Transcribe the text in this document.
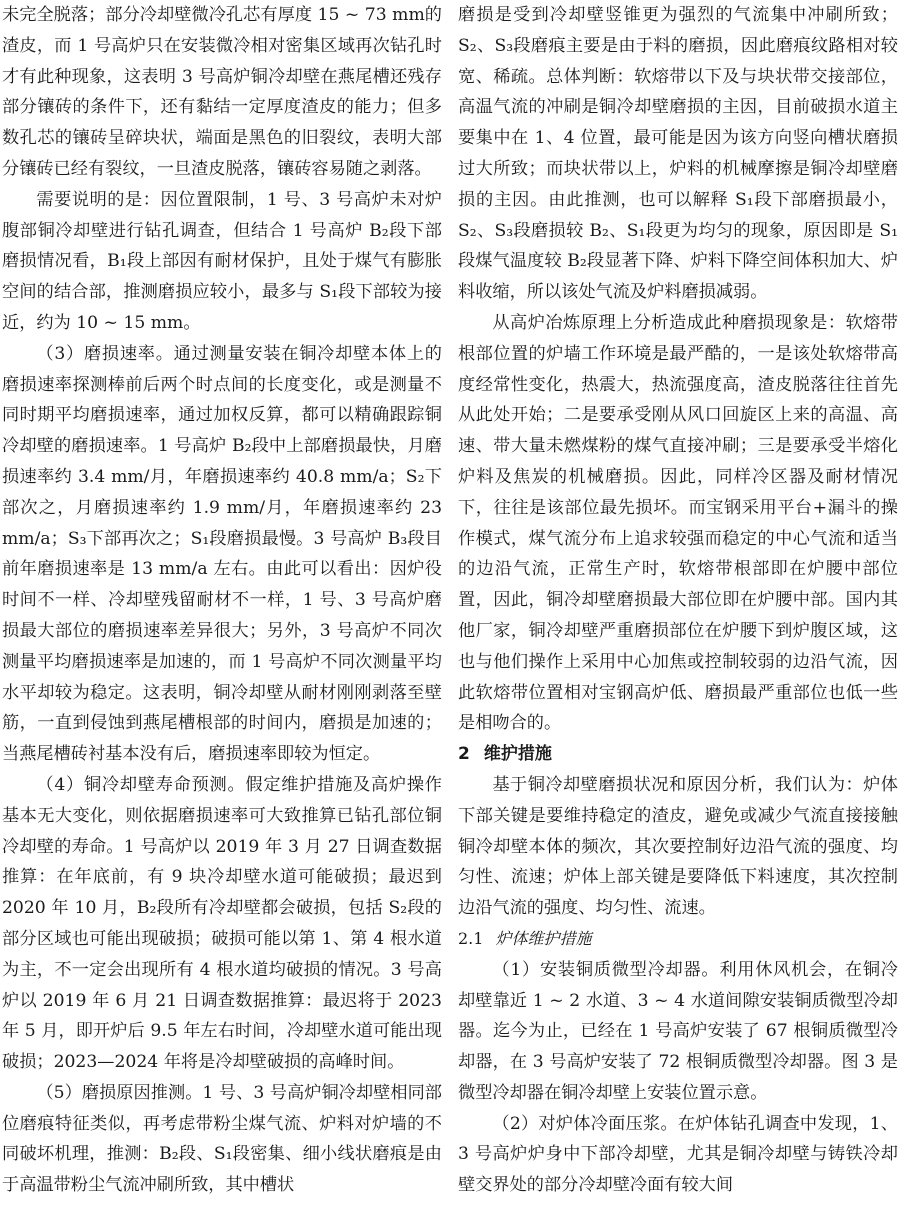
未完全脱落；部分冷却壁微冷孔芯有厚度 15 ~ 73 mm的渣皮，而 1 号高炉只在安装微冷相对密集区域再次钻孔时才有此种现象，这表明 3 号高炉铜冷却壁在燕尾槽还残存部分镶砖的条件下，还有黏结一定厚度渣皮的能力；但多数孔芯的镶砖呈碎块状，端面是黑色的旧裂纹，表明大部分镶砖已经有裂纹，一旦渣皮脱落，镶砖容易随之剥落。

需要说明的是：因位置限制，1 号、3 号高炉未对炉腹部铜冷却壁进行钻孔调查，但结合 1 号高炉 B₂段下部磨损情况看，B₁段上部因有耐材保护，且处于煤气有膨胀空间的结合部，推测磨损应较小，最多与 S₁段下部较为接近，约为 10 ~ 15 mm。

（3）磨损速率。通过测量安装在铜冷却壁本体上的磨损速率探测棒前后两个时点间的长度变化，或是测量不同时期平均磨损速率，通过加权反算，都可以精确跟踪铜冷却壁的磨损速率。1 号高炉 B₂段中上部磨损最快，月磨损速率约 3.4 mm/月，年磨损速率约 40.8 mm/a；S₂下部次之，月磨损速率约 1.9 mm/月，年磨损速率约 23 mm/a；S₃下部再次之；S₁段磨损最慢。3 号高炉 B₃段目前年磨损速率是 13 mm/a 左右。由此可以看出：因炉役时间不一样、冷却壁残留耐材不一样，1 号、3 号高炉磨损最大部位的磨损速率差异很大；另外，3 号高炉不同次测量平均磨损速率是加速的，而 1 号高炉不同次测量平均水平却较为稳定。这表明，铜冷却壁从耐材刚刚剥落至壁筋，一直到侵蚀到燕尾槽根部的时间内，磨损是加速的；当燕尾槽砖衬基本没有后，磨损速率即较为恒定。

（4）铜冷却壁寿命预测。假定维护措施及高炉操作基本无大变化，则依据磨损速率可大致推算已钻孔部位铜冷却壁的寿命。1 号高炉以 2019 年 3 月 27 日调查数据推算：在年底前，有 9 块冷却壁水道可能破损；最迟到 2020 年 10 月，B₂段所有冷却壁都会破损，包括 S₂段的部分区域也可能出现破损；破损可能以第 1、第 4 根水道为主，不一定会出现所有 4 根水道均破损的情况。3 号高炉以 2019 年 6 月 21 日调查数据推算：最迟将于 2023 年 5 月，即开炉后 9.5 年左右时间，冷却壁水道可能出现破损；2023—2024 年将是冷却壁破损的高峰时间。

（5）磨损原因推测。1 号、3 号高炉铜冷却壁相同部位磨痕特征类似，再考虑带粉尘煤气流、炉料对炉墙的不同破坏机理，推测：B₂段、S₁段密集、细小线状磨痕是由于高温带粉尘气流冲刷所致，其中槽状

磨损是受到冷却壁竖锥更为强烈的气流集中冲刷所致；S₂、S₃段磨痕主要是由于料的磨损，因此磨痕纹路相对较宽、稀疏。总体判断：软熔带以下及与块状带交接部位，高温气流的冲刷是铜冷却壁磨损的主因，目前破损水道主要集中在 1、4 位置，最可能是因为该方向竖向槽状磨损过大所致；而块状带以上，炉料的机械摩擦是铜冷却壁磨损的主因。由此推测，也可以解释 S₁段下部磨损最小，S₂、S₃段磨损较 B₂、S₁段更为均匀的现象，原因即是 S₁段煤气温度较 B₂段显著下降、炉料下降空间体积加大、炉料收缩，所以该处气流及炉料磨损减弱。

从高炉冶炼原理上分析造成此种磨损现象是：软熔带根部位置的炉墙工作环境是最严酷的，一是该处软熔带高度经常性变化，热震大，热流强度高，渣皮脱落往往首先从此处开始；二是要承受刚从风口回旋区上来的高温、高速、带大量未燃煤粉的煤气直接冲刷；三是要承受半熔化炉料及焦炭的机械磨损。因此，同样冷区器及耐材情况下，往往是该部位最先损坏。而宝钢采用平台+漏斗的操作模式，煤气流分布上追求较强而稳定的中心气流和适当的边沿气流，正常生产时，软熔带根部即在炉腰中部位置，因此，铜冷却壁磨损最大部位即在炉腰中部。国内其他厂家，铜冷却壁严重磨损部位在炉腰下到炉腹区域，这也与他们操作上采用中心加焦或控制较弱的边沿气流，因此软熔带位置相对宝钢高炉低、磨损最严重部位也低一些是相吻合的。

2 维护措施

基于铜冷却壁磨损状况和原因分析，我们认为：炉体下部关键是要维持稳定的渣皮，避免或减少气流直接接触铜冷却壁本体的频次，其次要控制好边沿气流的强度、均匀性、流速；炉体上部关键是要降低下料速度，其次控制边沿气流的强度、均匀性、流速。

2.1 炉体维护措施

（1）安装铜质微型冷却器。利用休风机会，在铜冷却壁靠近 1 ~ 2 水道、3 ~ 4 水道间隙安装铜质微型冷却器。迄今为止，已经在 1 号高炉安装了 67 根铜质微型冷却器，在 3 号高炉安装了 72 根铜质微型冷却器。图 3 是微型冷却器在铜冷却壁上安装位置示意。

（2）对炉体冷面压浆。在炉体钻孔调查中发现，1、3 号高炉炉身中下部冷却壁，尤其是铜冷却壁与铸铁冷却壁交界处的部分冷却壁冷面有较大间
